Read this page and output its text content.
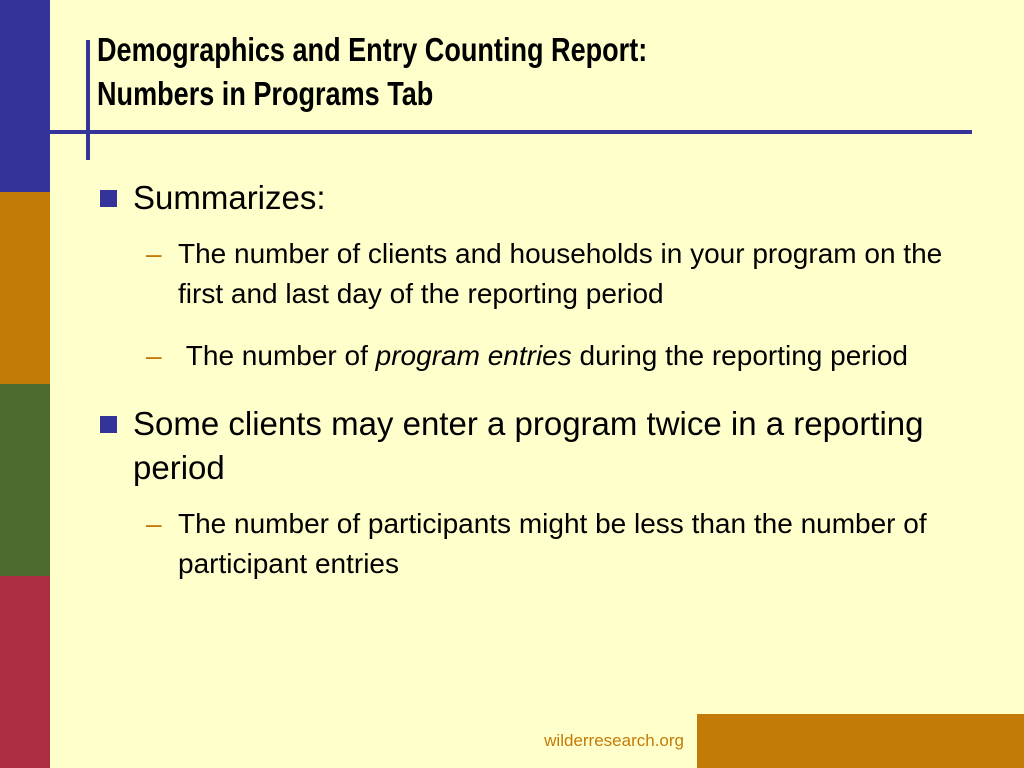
Demographics and Entry Counting Report:
Numbers in Programs Tab
Summarizes:
– The number of clients and households in your program on the first and last day of the reporting period
– The number of program entries during the reporting period
Some clients may enter a program twice in a reporting period
– The number of participants might be less than the number of participant entries
wilderresearch.org
